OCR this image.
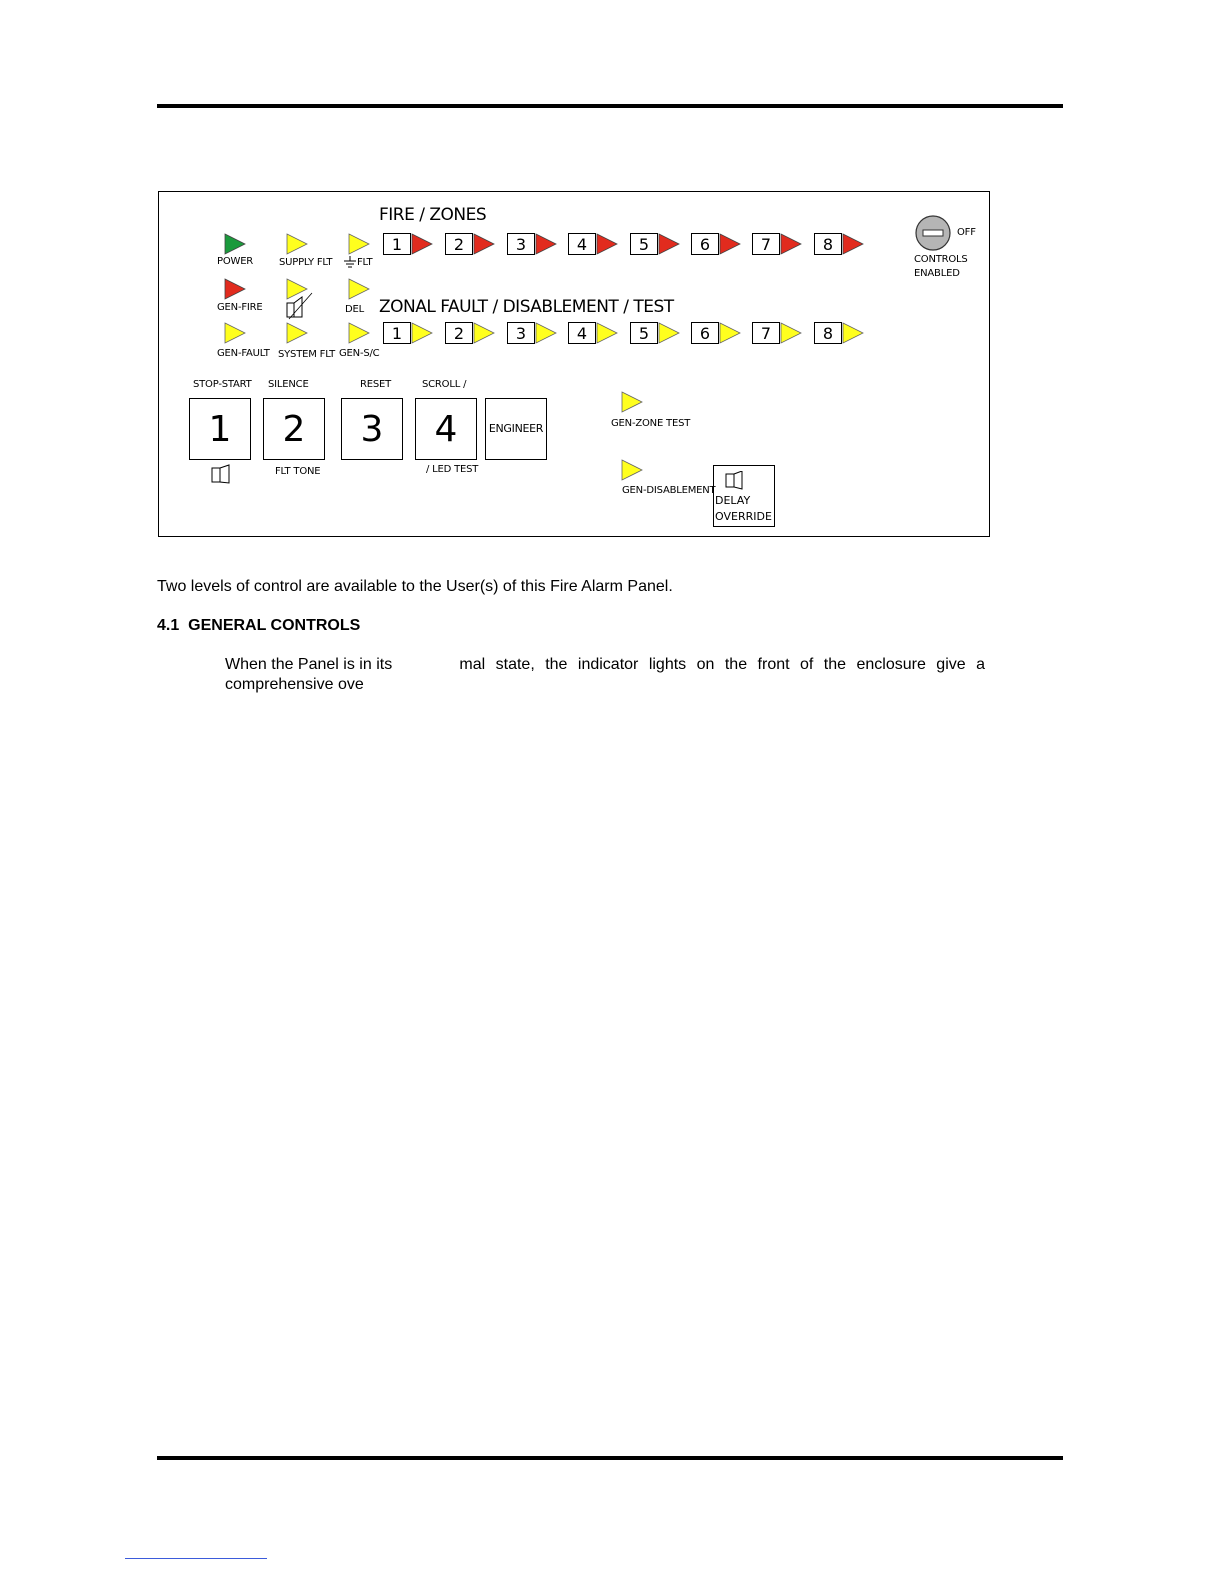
FIRE / ZONES
ZONAL FAULT / DISABLEMENT / TEST
POWER	SUPPLY FLT FLT
GEN-FIRE	DEL
GEN-FAULT SYSTEM FLT GEN-S/C
1	2	3	4	5	6	7	8
1	2	3	4	5	6	7	8
OFF
CONTROLS
ENABLED
STOP-START SILENCE	RESET	SCROLL /
1	2	3	4	ENGINEER
FLT TONE	/ LED TEST
GEN-ZONE TEST
GEN-DISABLEMENT
DELAY
OVERRIDE
Two levels of control are available to the User(s) of this Fire Alarm Panel.
4.1 GENERAL CONTROLS
When the Panel is in its	mal state, the indicator lights on the front of the enclosure give a
comprehensive ove
